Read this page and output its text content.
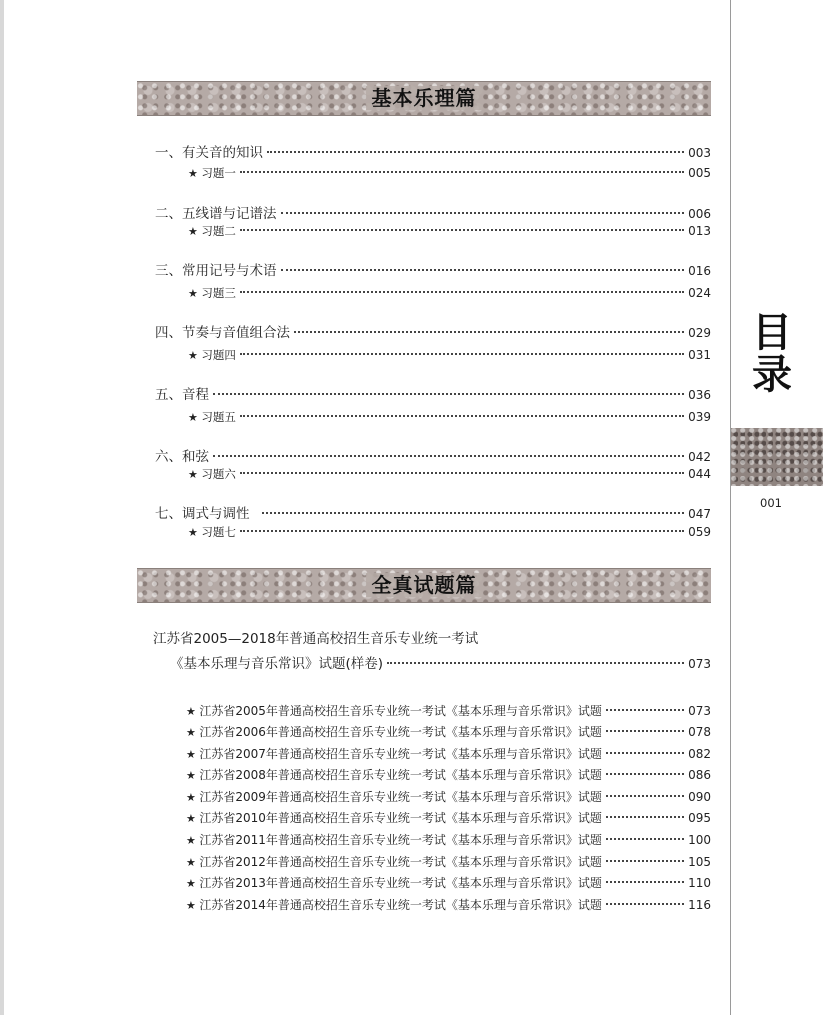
基本乐理篇
一、有关音的知识	003
★ 习题一	005
二、五线谱与记谱法	006
★ 习题二	013
三、常用记号与术语	016
★ 习题三	024
四、节奏与音值组合法	029
★ 习题四	031
五、音程	036
★ 习题五	039
六、和弦	042
★ 习题六	044
七、调式与调性	047
★ 习题七	059
全真试题篇
江苏省2005—2018年普通高校招生音乐专业统一考试
《基本乐理与音乐常识》试题(样卷)	073
★ 江苏省2005年普通高校招生音乐专业统一考试《基本乐理与音乐常识》试题	073
★ 江苏省2006年普通高校招生音乐专业统一考试《基本乐理与音乐常识》试题	078
★ 江苏省2007年普通高校招生音乐专业统一考试《基本乐理与音乐常识》试题	082
★ 江苏省2008年普通高校招生音乐专业统一考试《基本乐理与音乐常识》试题	086
★ 江苏省2009年普通高校招生音乐专业统一考试《基本乐理与音乐常识》试题	090
★ 江苏省2010年普通高校招生音乐专业统一考试《基本乐理与音乐常识》试题	095
★ 江苏省2011年普通高校招生音乐专业统一考试《基本乐理与音乐常识》试题	100
★ 江苏省2012年普通高校招生音乐专业统一考试《基本乐理与音乐常识》试题	105
★ 江苏省2013年普通高校招生音乐专业统一考试《基本乐理与音乐常识》试题	110
★ 江苏省2014年普通高校招生音乐专业统一考试《基本乐理与音乐常识》试题	116
目
录
001
